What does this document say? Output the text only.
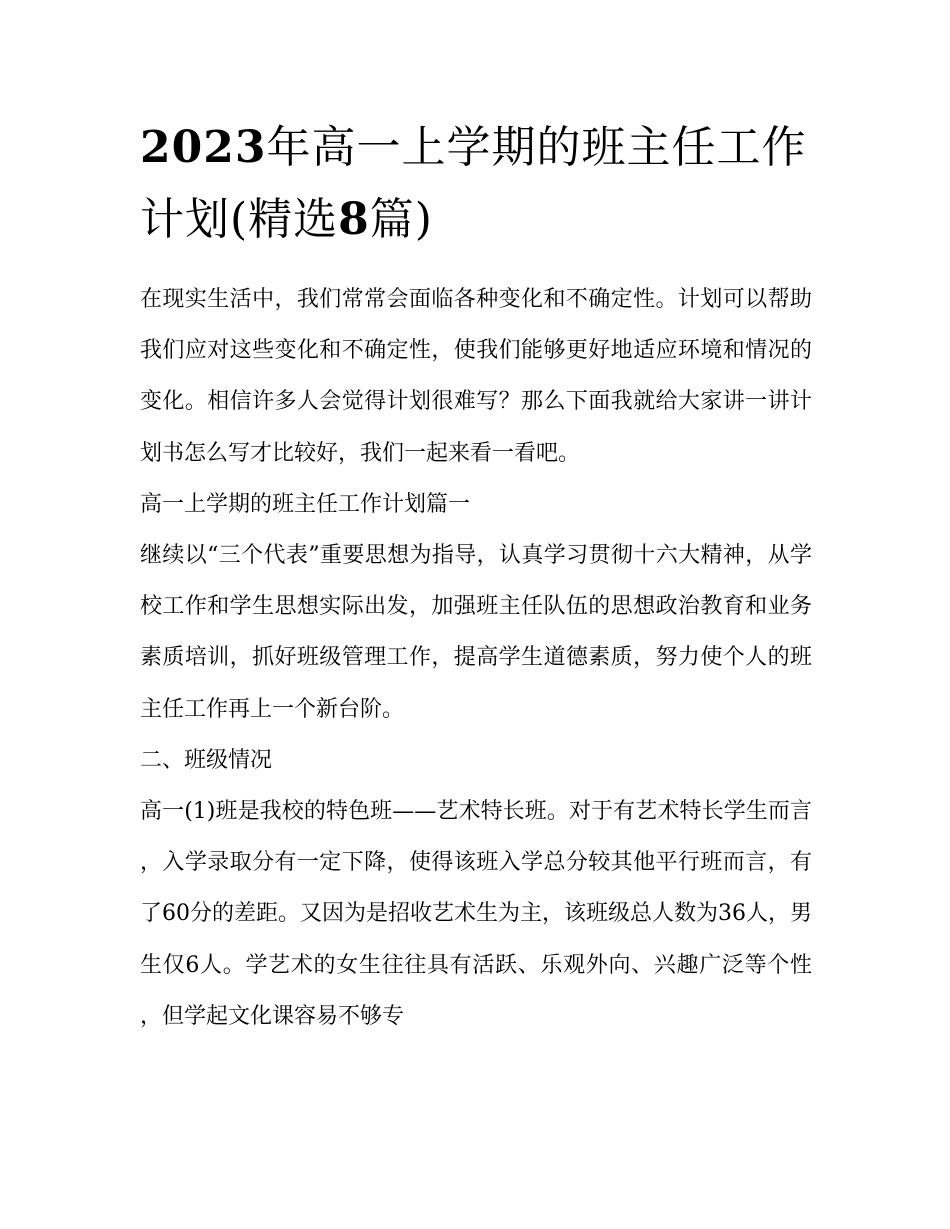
2023年高一上学期的班主任工作计划(精选8篇)

在现实生活中，我们常常会面临各种变化和不确定性。计划可以帮助我们应对这些变化和不确定性，使我们能够更好地适应环境和情况的变化。相信许多人会觉得计划很难写？那么下面我就给大家讲一讲计划书怎么写才比较好，我们一起来看一看吧。

高一上学期的班主任工作计划篇一

继续以“三个代表”重要思想为指导，认真学习贯彻十六大精神，从学校工作和学生思想实际出发，加强班主任队伍的思想政治教育和业务素质培训，抓好班级管理工作，提高学生道德素质，努力使个人的班主任工作再上一个新台阶。

二、班级情况

高一(1)班是我校的特色班——艺术特长班。对于有艺术特长学生而言，入学录取分有一定下降，使得该班入学总分较其他平行班而言，有了60分的差距。又因为是招收艺术生为主，该班级总人数为36人，男生仅6人。学艺术的女生往往具有活跃、乐观外向、兴趣广泛等个性，但学起文化课容易不够专
